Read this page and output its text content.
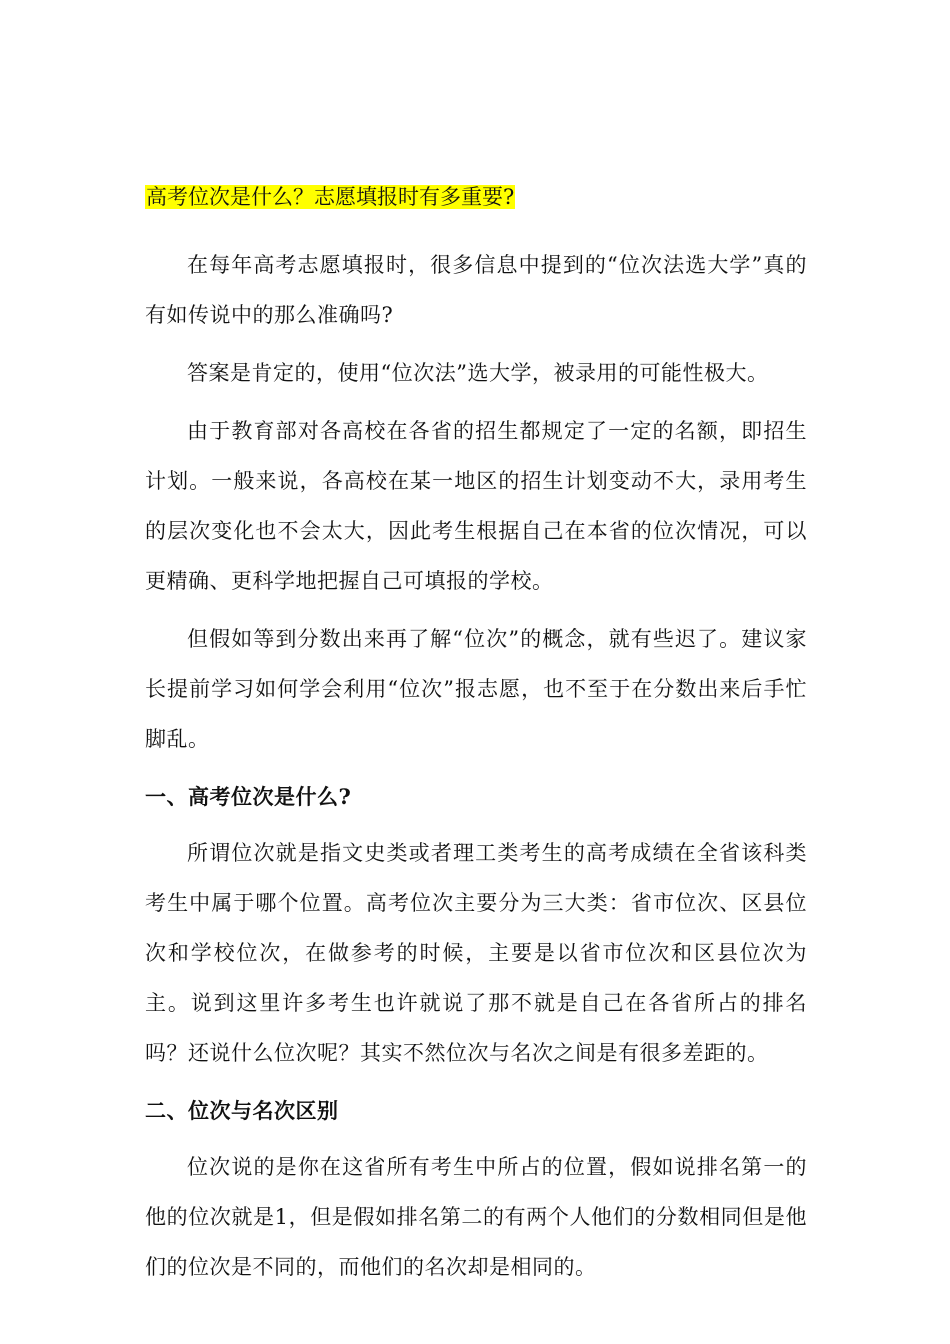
高考位次是什么？志愿填报时有多重要?

在每年高考志愿填报时，很多信息中提到的“位次法选大学”真的有如传说中的那么准确吗?

答案是肯定的，使用“位次法”选大学，被录用的可能性极大。

由于教育部对各高校在各省的招生都规定了一定的名额，即招生计划。一般来说，各高校在某一地区的招生计划变动不大，录用考生的层次变化也不会太大，因此考生根据自己在本省的位次情况，可以更精确、更科学地把握自己可填报的学校。

但假如等到分数出来再了解“位次”的概念，就有些迟了。建议家长提前学习如何学会利用“位次”报志愿，也不至于在分数出来后手忙脚乱。

一、高考位次是什么?

所谓位次就是指文史类或者理工类考生的高考成绩在全省该科类考生中属于哪个位置。高考位次主要分为三大类：省市位次、区县位次和学校位次，在做参考的时候，主要是以省市位次和区县位次为主。说到这里许多考生也许就说了那不就是自己在各省所占的排名吗？还说什么位次呢？其实不然位次与名次之间是有很多差距的。

二、位次与名次区别

位次说的是你在这省所有考生中所占的位置，假如说排名第一的他的位次就是1，但是假如排名第二的有两个人他们的分数相同但是他们的位次是不同的，而他们的名次却是相同的。
